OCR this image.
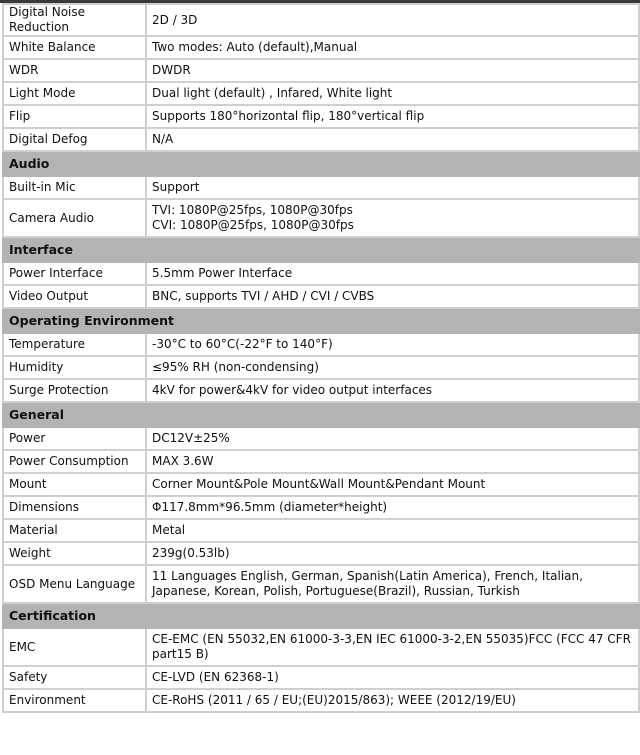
Digital Noise Reduction	2D / 3D
White Balance	Two modes: Auto (default),Manual
WDR	DWDR
Light Mode	Dual light (default) , Infared, White light
Flip	Supports 180°horizontal flip, 180°vertical flip
Digital Defog	N/A
Audio	
Built-in Mic	Support
Camera Audio	TVI: 1080P@25fps, 1080P@30fps
CVI: 1080P@25fps, 1080P@30fps

Interface	
Power Interface	5.5mm Power Interface
Video Output	BNC, supports TVI / AHD / CVI / CVBS
Operating Environment	
Temperature	-30°C to 60°C(-22°F to 140°F)
Humidity	≤95% RH (non-condensing)
Surge Protection	4kV for power&4kV for video output interfaces
General	
Power	DC12V±25%
Power Consumption	MAX 3.6W
Mount	Corner Mount&Pole Mount&Wall Mount&Pendant Mount
Dimensions	Φ117.8mm*96.5mm (diameter*height)
Material	Metal
Weight	239g(0.53lb)
OSD Menu Language	11 Languages English, German, Spanish(Latin America), French, Italian, Japanese, Korean, Polish, Portuguese(Brazil), Russian, Turkish
Certification	
EMC	CE-EMC (EN 55032,EN 61000-3-3,EN IEC 61000-3-2,EN 55035)FCC (FCC 47 CFR part15 B)
Safety	CE-LVD (EN 62368-1)
Environment	CE-RoHS (2011 / 65 / EU;(EU)2015/863); WEEE (2012/19/EU)
